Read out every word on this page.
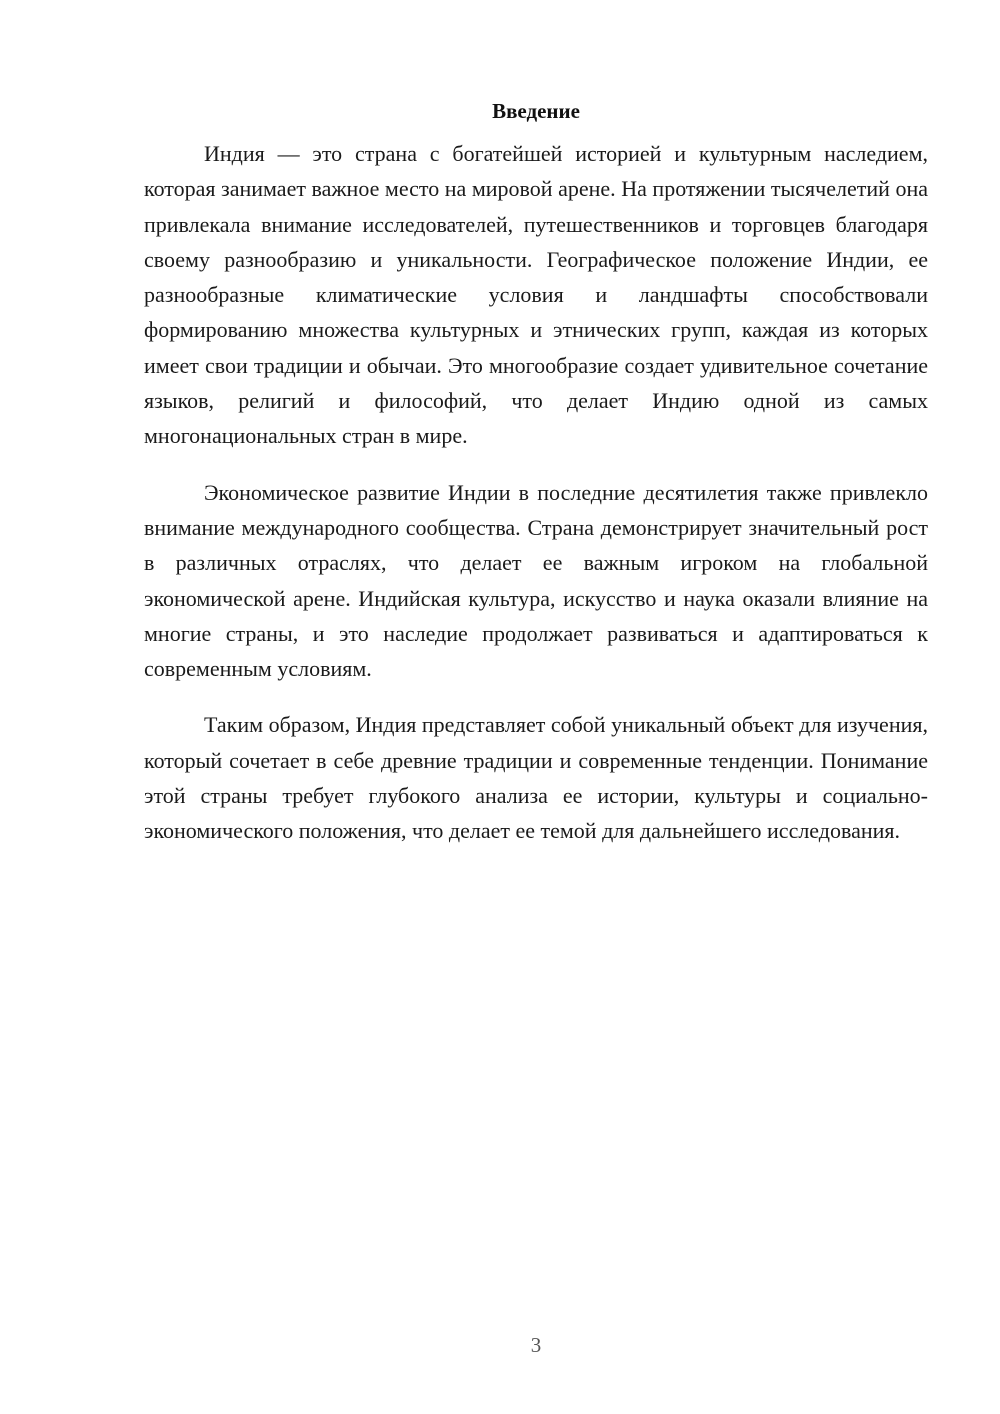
Введение

Индия — это страна с богатейшей историей и культурным наследием, которая занимает важное место на мировой арене. На протяжении тысячелетий она привлекала внимание исследователей, путешественников и торговцев благодаря своему разнообразию и уникальности. Географическое положение Индии, ее разнообразные климатические условия и ландшафты способствовали формированию множества культурных и этнических групп, каждая из которых имеет свои традиции и обычаи. Это многообразие создает удивительное сочетание языков, религий и философий, что делает Индию одной из самых многонациональных стран в мире.

Экономическое развитие Индии в последние десятилетия также привлекло внимание международного сообщества. Страна демонстрирует значительный рост в различных отраслях, что делает ее важным игроком на глобальной экономической арене. Индийская культура, искусство и наука оказали влияние на многие страны, и это наследие продолжает развиваться и адаптироваться к современным условиям.

Таким образом, Индия представляет собой уникальный объект для изучения, который сочетает в себе древние традиции и современные тенденции. Понимание этой страны требует глубокого анализа ее истории, культуры и социально-экономического положения, что делает ее темой для дальнейшего исследования.

3
